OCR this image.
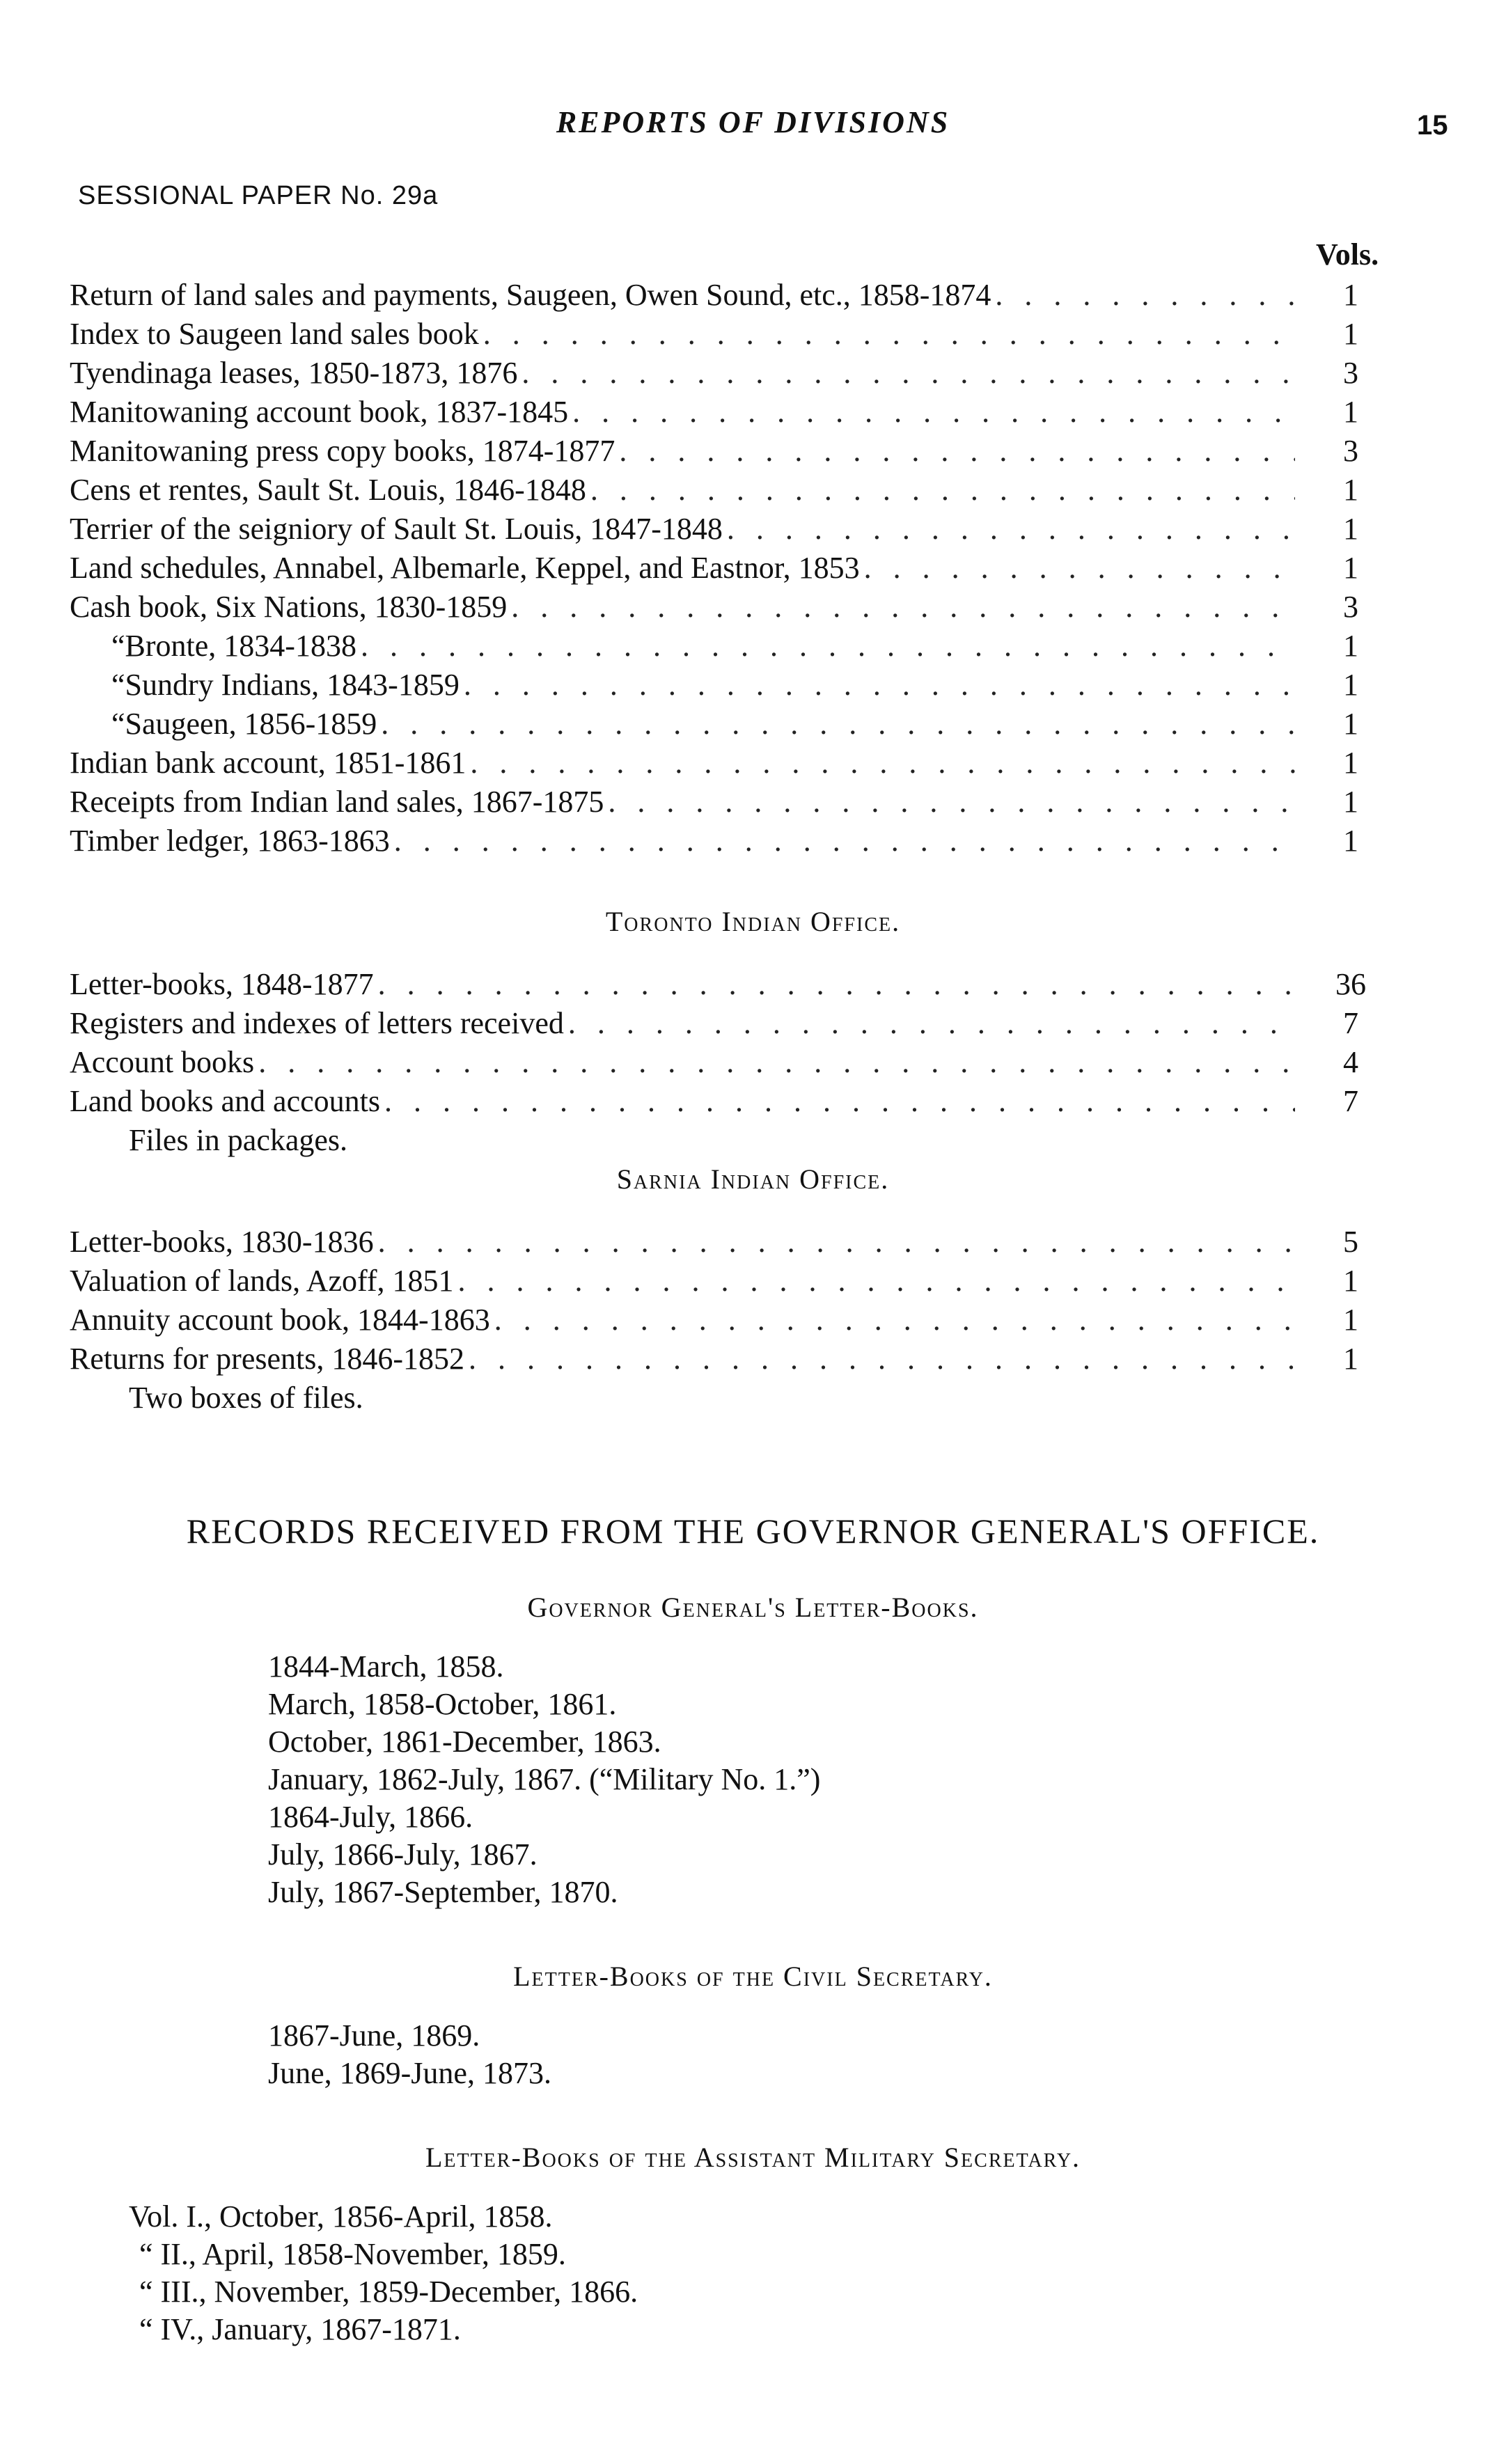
REPORTS OF DIVISIONS	15
SESSIONAL PAPER No. 29a
Vols.
Return of land sales and payments, Saugeen, Owen Sound, etc., 1858-1874 . . .	1
Index to Saugeen land sales book . . .	1
Tyendinaga leases, 1850-1873, 1876 . . .	3
Manitowaning account book, 1837-1845 . . .	1
Manitowaning press copy books, 1874-1877 . . .	3
Cens et rentes, Sault St. Louis, 1846-1848 . . .	1
Terrier of the seigniory of Sault St. Louis, 1847-1848 . . .	1
Land schedules, Annabel, Albemarle, Keppel, and Eastnor, 1853 . . .	1
Cash book, Six Nations, 1830-1859 . . .	3
“ Bronte, 1834-1838 . . .	1
“ Sundry Indians, 1843-1859 . . .	1
“ Saugeen, 1856-1859 . . .	1
Indian bank account, 1851-1861 . . .	1
Receipts from Indian land sales, 1867-1875 . . .	1
Timber ledger, 1863-1863 . . .	1
Toronto Indian Office.
Letter-books, 1848-1877 . . .	36
Registers and indexes of letters received . . .	7
Account books . . .	4
Land books and accounts . . .	7
Files in packages.
Sarnia Indian Office.
Letter-books, 1830-1836 . . .	5
Valuation of lands, Azoff, 1851 . . .	1
Annuity account book, 1844-1863 . . .	1
Returns for presents, 1846-1852 . . .	1
Two boxes of files.
RECORDS RECEIVED FROM THE GOVERNOR GENERAL'S OFFICE.
Governor General's Letter-Books.
1844-March, 1858.
March, 1858-October, 1861.
October, 1861-December, 1863.
January, 1862-July, 1867. (“Military No. 1.”)
1864-July, 1866.
July, 1866-July, 1867.
July, 1867-September, 1870.
Letter-Books of the Civil Secretary.
1867-June, 1869.
June, 1869-June, 1873.
Letter-Books of the Assistant Military Secretary.
Vol. I., October, 1856-April, 1858.
“ II., April, 1858-November, 1859.
“ III., November, 1859-December, 1866.
“ IV., January, 1867-1871.
